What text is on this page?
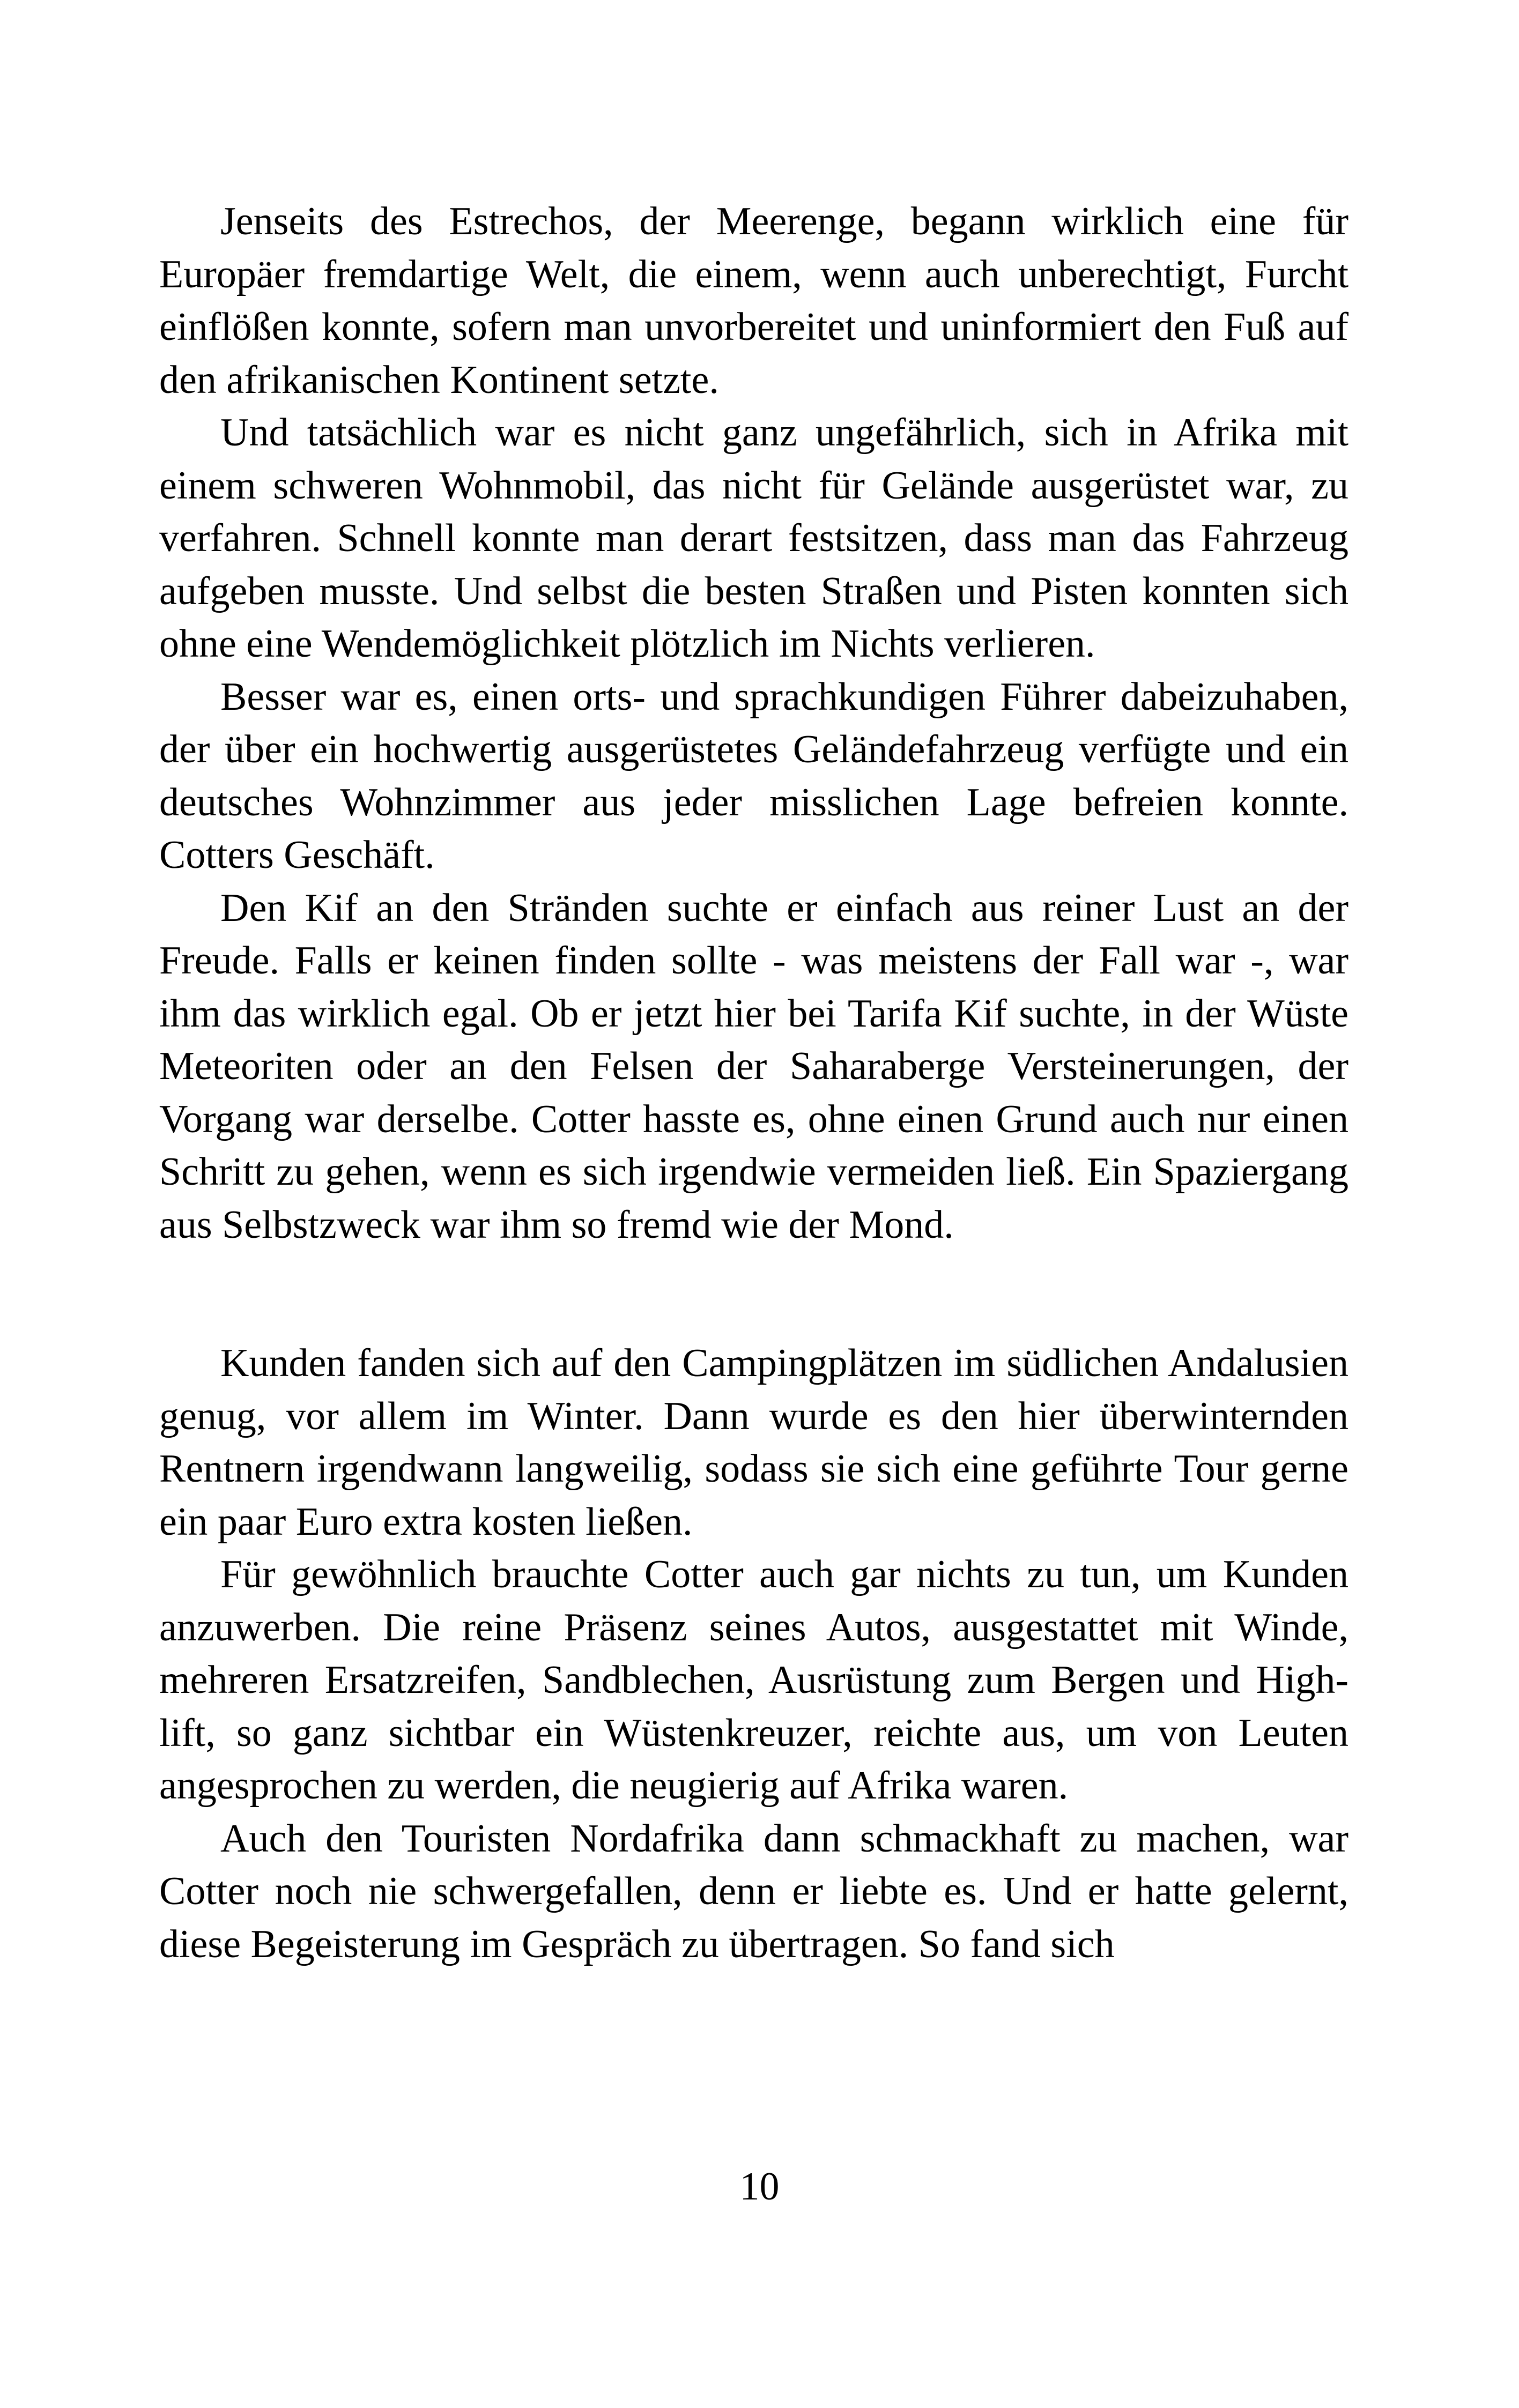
Jenseits des Estrechos, der Meerenge, begann wirklich eine für Europäer fremdartige Welt, die einem, wenn auch unberechtigt, Furcht einflößen konnte, sofern man unvorbereitet und uninformiert den Fuß auf den afrikanischen Kontinent setzte.

Und tatsächlich war es nicht ganz ungefährlich, sich in Afrika mit einem schweren Wohnmobil, das nicht für Gelände ausgerüstet war, zu verfahren. Schnell konnte man derart festsitzen, dass man das Fahrzeug aufgeben musste. Und selbst die besten Straßen und Pisten konnten sich ohne eine Wendemöglichkeit plötzlich im Nichts verlieren.

Besser war es, einen orts- und sprachkundigen Führer dabeizuhaben, der über ein hochwertig ausgerüstetes Geländefahrzeug verfügte und ein deutsches Wohnzimmer aus jeder misslichen Lage befreien konnte. Cotters Geschäft.

Den Kif an den Stränden suchte er einfach aus reiner Lust an der Freude. Falls er keinen finden sollte - was meistens der Fall war -, war ihm das wirklich egal. Ob er jetzt hier bei Tarifa Kif suchte, in der Wüste Meteoriten oder an den Felsen der Saharaberge Versteinerungen, der Vorgang war derselbe. Cotter hasste es, ohne einen Grund auch nur einen Schritt zu gehen, wenn es sich irgendwie vermeiden ließ. Ein Spaziergang aus Selbstzweck war ihm so fremd wie der Mond.

Kunden fanden sich auf den Campingplätzen im südlichen Andalusien genug, vor allem im Winter. Dann wurde es den hier überwinternden Rentnern irgendwann langweilig, sodass sie sich eine geführte Tour gerne ein paar Euro extra kosten ließen.

Für gewöhnlich brauchte Cotter auch gar nichts zu tun, um Kunden anzuwerben. Die reine Präsenz seines Autos, ausgestattet mit Winde, mehreren Ersatzreifen, Sandblechen, Ausrüstung zum Bergen und High-lift, so ganz sichtbar ein Wüstenkreuzer, reichte aus, um von Leuten angesprochen zu werden, die neugierig auf Afrika waren.

Auch den Touristen Nordafrika dann schmackhaft zu machen, war Cotter noch nie schwergefallen, denn er liebte es. Und er hatte gelernt, diese Begeisterung im Gespräch zu übertragen. So fand sich

10
